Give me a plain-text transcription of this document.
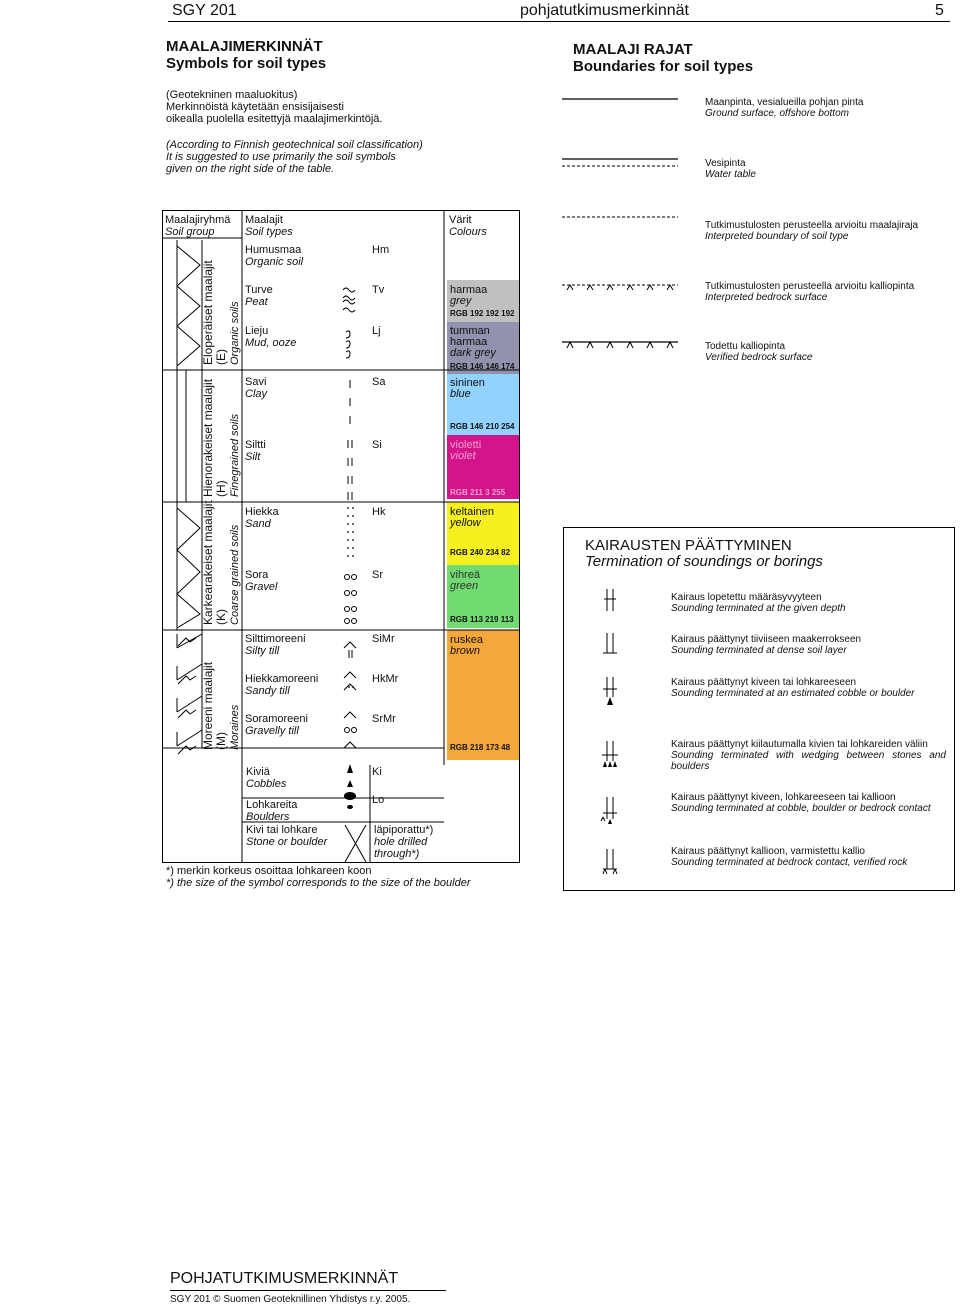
SGY 201	pohjatutkimusmerkinnät	5
MAALAJIMERKINNÄT
Symbols for soil types
(Geotekninen maaluokitus)
Merkinnöistä käytetään ensisijaisesti
oikealla puolella esitettyjä maalajimerkintöjä.
(According to Finnish geotechnical soil classification)
It is suggested to use primarily the soil symbols
given on the right side of the table.
MAALAJI RAJAT
Boundaries for soil types
Maanpinta, vesialueilla pohjan pinta
Ground surface, offshore bottom
Vesipinta
Water table
Tutkimustulosten perusteella arvioitu maalajiraja
Interpreted boundary of soil type
Tutkimustulosten perusteella arvioitu kalliopinta
Interpreted bedrock surface
Todettu kalliopinta
Verified bedrock surface
Maalajiryhmä
Soil group
Maalajit
Soil types
Värit
Colours
Eloperäiset maalajit
(E)
Organic soils
Hienorakeiset maalajit
(H)
Finegrained soils
Karkearakeiset maalajit
(K)
Coarse grained soils
Moreeni maalajit
(M)
Moraines
Humusmaa
Organic soil
Turve
Peat
Lieju
Mud, ooze
Savi
Clay
Siltti
Silt
Hiekka
Sand
Sora
Gravel
Silttimoreeni
Silty till
Hiekkamoreeni
Sandy till
Soramoreeni
Gravelly till
Kiviä
Cobbles
Lohkareita
Boulders
Kivi tai lohkare
Stone or boulder
Hm
Tv
Lj
Sa
Si
Hk
Sr
SiMr
HkMr
SrMr
Ki
Lo
läpiporattu*)
hole drilled
through*)
harmaa
grey
RGB 192 192 192
tumman
harmaa
dark grey
RGB 146 146 174
sininen
blue
RGB 146 210 254
violetti
violet
RGB 211 3 255
keltainen
yellow
RGB 240 234 82
vihreä
green
RGB 113 219 113
ruskea
brown
RGB 218 173 48
*) merkin korkeus osoittaa lohkareen koon
*) the size of the symbol corresponds to the size of the boulder
KAIRAUSTEN PÄÄTTYMINEN
Termination of soundings or borings
Kairaus lopetettu määräsyvyyteen
Sounding terminated at the given depth
Kairaus päättynyt tiiviiseen maakerrokseen
Sounding terminated at dense soil layer
Kairaus päättynyt kiveen tai lohkareeseen
Sounding terminated at an estimated cobble or boulder
Kairaus päättynyt kiilautumalla kivien tai lohkareiden väliin
Sounding terminated with wedging between stones and boulders
Kairaus päättynyt kiveen, lohkareeseen tai kallioon
Sounding terminated at cobble, boulder or bedrock contact
Kairaus päättynyt kallioon, varmistettu kallio
Sounding terminated at bedrock contact, verified rock
POHJATUTKIMUSMERKINNÄT
SGY 201 © Suomen Geoteknillinen Yhdistys r.y. 2005.
